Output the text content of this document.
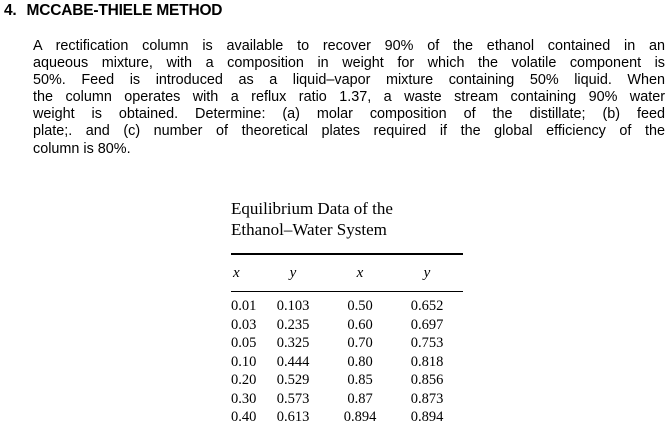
4. MCCABE-THIELE METHOD
A rectification column is available to recover 90% of the ethanol contained in an
aqueous mixture, with a composition in weight for which the volatile component is
50%. Feed is introduced as a liquid–vapor mixture containing 50% liquid. When
the column operates with a reflux ratio 1.37, a waste stream containing 90% water
weight is obtained. Determine: (a) molar composition of the distillate; (b) feed
plate;. and (c) number of theoretical plates required if the global efficiency of the
column is 80%.
Equilibrium Data of the
Ethanol–Water System
x	y	x	y
0.01	0.103	0.50	0.652
0.03	0.235	0.60	0.697
0.05	0.325	0.70	0.753
0.10	0.444	0.80	0.818
0.20	0.529	0.85	0.856
0.30	0.573	0.87	0.873
0.40	0.613	0.894	0.894
